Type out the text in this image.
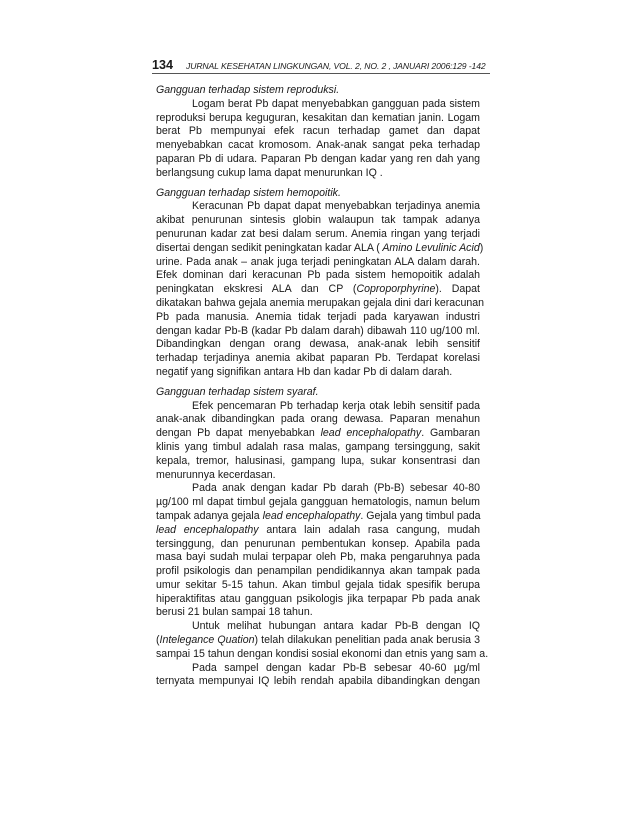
134 JURNAL KESEHATAN LINGKUNGAN, VOL. 2, NO. 2 , JANUARI 2006:129 -142
Gangguan terhadap sistem reproduksi.
Logam berat Pb dapat menyebabkan gangguan pada sistem
reproduksi berupa keguguran, kesakitan dan kematian janin. Logam
berat Pb mempunyai efek racun terhadap gamet dan dapat
menyebabkan cacat kromosom. Anak-anak sangat peka terhadap
paparan Pb di udara. Paparan Pb dengan kadar yang ren dah yang
berlangsung cukup lama dapat menurunkan IQ .
Gangguan terhadap sistem hemopoitik.
Keracunan Pb dapat dapat menyebabkan terjadinya anemia
akibat penurunan sintesis globin walaupun tak tampak adanya
penurunan kadar zat besi dalam serum. Anemia ringan yang terjadi
disertai dengan sedikit peningkatan kadar ALA ( Amino Levulinic Acid)
urine. Pada anak – anak juga terjadi peningkatan ALA dalam darah.
Efek dominan dari keracunan Pb pada sistem hemopoitik adalah
peningkatan ekskresi ALA dan CP (Coproporphyrine). Dapat
dikatakan bahwa gejala anemia merupakan gejala dini dari keracunan
Pb pada manusia. Anemia tidak terjadi pada karyawan industri
dengan kadar Pb-B (kadar Pb dalam darah) dibawah 110 ug/100 ml.
Dibandingkan dengan orang dewasa, anak-anak lebih sensitif
terhadap terjadinya anemia akibat paparan Pb. Terdapat korelasi
negatif yang signifikan antara Hb dan kadar Pb di dalam darah.
Gangguan terhadap sistem syaraf.
Efek pencemaran Pb terhadap kerja otak lebih sensitif pada
anak-anak dibandingkan pada orang dewasa. Paparan menahun
dengan Pb dapat menyebabkan lead encephalopathy. Gambaran
klinis yang timbul adalah rasa malas, gampang tersinggung, sakit
kepala, tremor, halusinasi, gampang lupa, sukar konsentrasi dan
menurunnya kecerdasan.
Pada anak dengan kadar Pb darah (Pb-B) sebesar 40-80
µg/100 ml dapat timbul gejala gangguan hematologis, namun belum
tampak adanya gejala lead encephalopathy. Gejala yang timbul pada
lead encephalopathy antara lain adalah rasa cangung, mudah
tersinggung, dan penurunan pembentukan konsep. Apabila pada
masa bayi sudah mulai terpapar oleh Pb, maka pengaruhnya pada
profil psikologis dan penampilan pendidikannya akan tampak pada
umur sekitar 5-15 tahun. Akan timbul gejala tidak spesifik berupa
hiperaktifitas atau gangguan psikologis jika terpapar Pb pada anak
berusi 21 bulan sampai 18 tahun.
Untuk melihat hubungan antara kadar Pb-B dengan IQ
(Intelegance Quation) telah dilakukan penelitian pada anak berusia 3
sampai 15 tahun dengan kondisi sosial ekonomi dan etnis yang sam a.
Pada sampel dengan kadar Pb-B sebesar 40-60 µg/ml
ternyata mempunyai IQ lebih rendah apabila dibandingkan dengan
